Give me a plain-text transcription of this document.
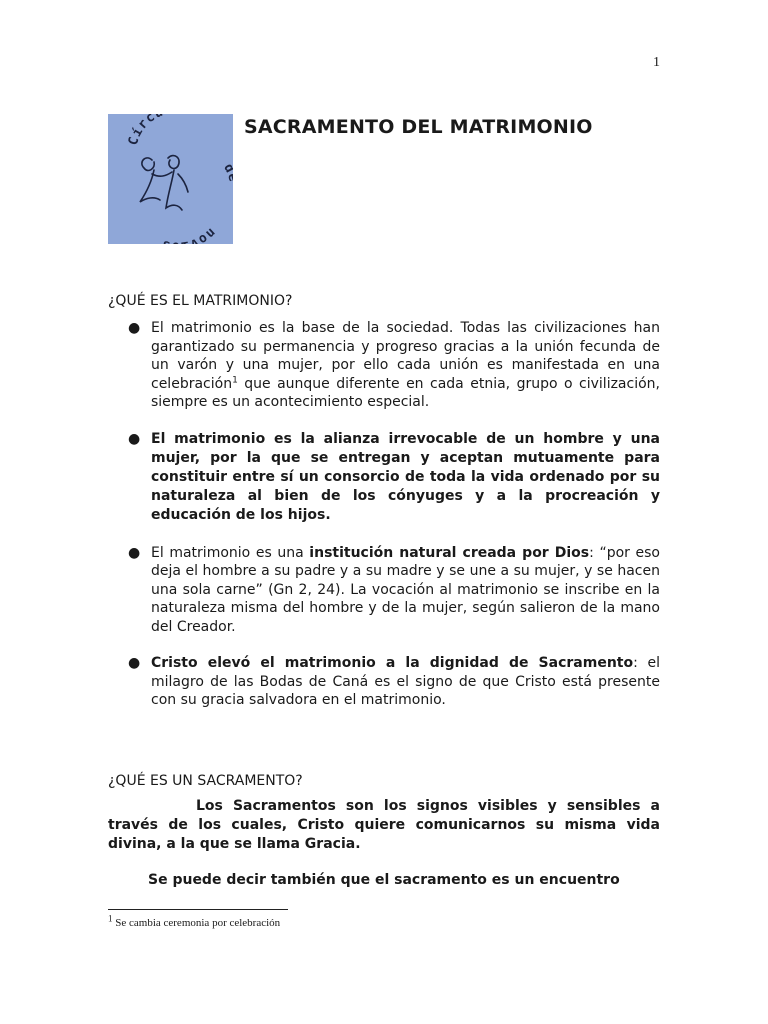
1
Círc
nov
SACRAMENTO DEL MATRIMONIO
¿QUÉ ES EL MATRIMONIO?
● El matrimonio es la base de la sociedad. Todas las civilizaciones han garantizado su permanencia y progreso gracias a la unión fecunda de un varón y una mujer, por ello cada unión es manifestada en una celebración$^1$ que aunque diferente en cada etnia, grupo o civilización, siempre es un acontecimiento especial.
● El matrimonio es la alianza irrevocable de un hombre y una mujer, por la que se entregan y aceptan mutuamente para constituir entre sí un consorcio de toda la vida ordenado por su naturaleza al bien de los cónyuges y a la procreación y educación de los hijos.
● El matrimonio es una institución natural creada por Dios: “por eso deja el hombre a su padre y a su madre y se une a su mujer, y se hacen una sola carne” (Gn 2, 24). La vocación al matrimonio se inscribe en la naturaleza misma del hombre y de la mujer, según salieron de la mano del Creador.
● Cristo elevó el matrimonio a la dignidad de Sacramento: el milagro de las Bodas de Caná es el signo de que Cristo está presente con su gracia salvadora en el matrimonio.
¿QUÉ ES UN SACRAMENTO?
Los Sacramentos son los signos visibles y sensibles a través de los cuales, Cristo quiere comunicarnos su misma vida divina, a la que se llama Gracia.
Se puede decir también que el sacramento es un encuentro
$^1$ Se cambia ceremonia por celebración
